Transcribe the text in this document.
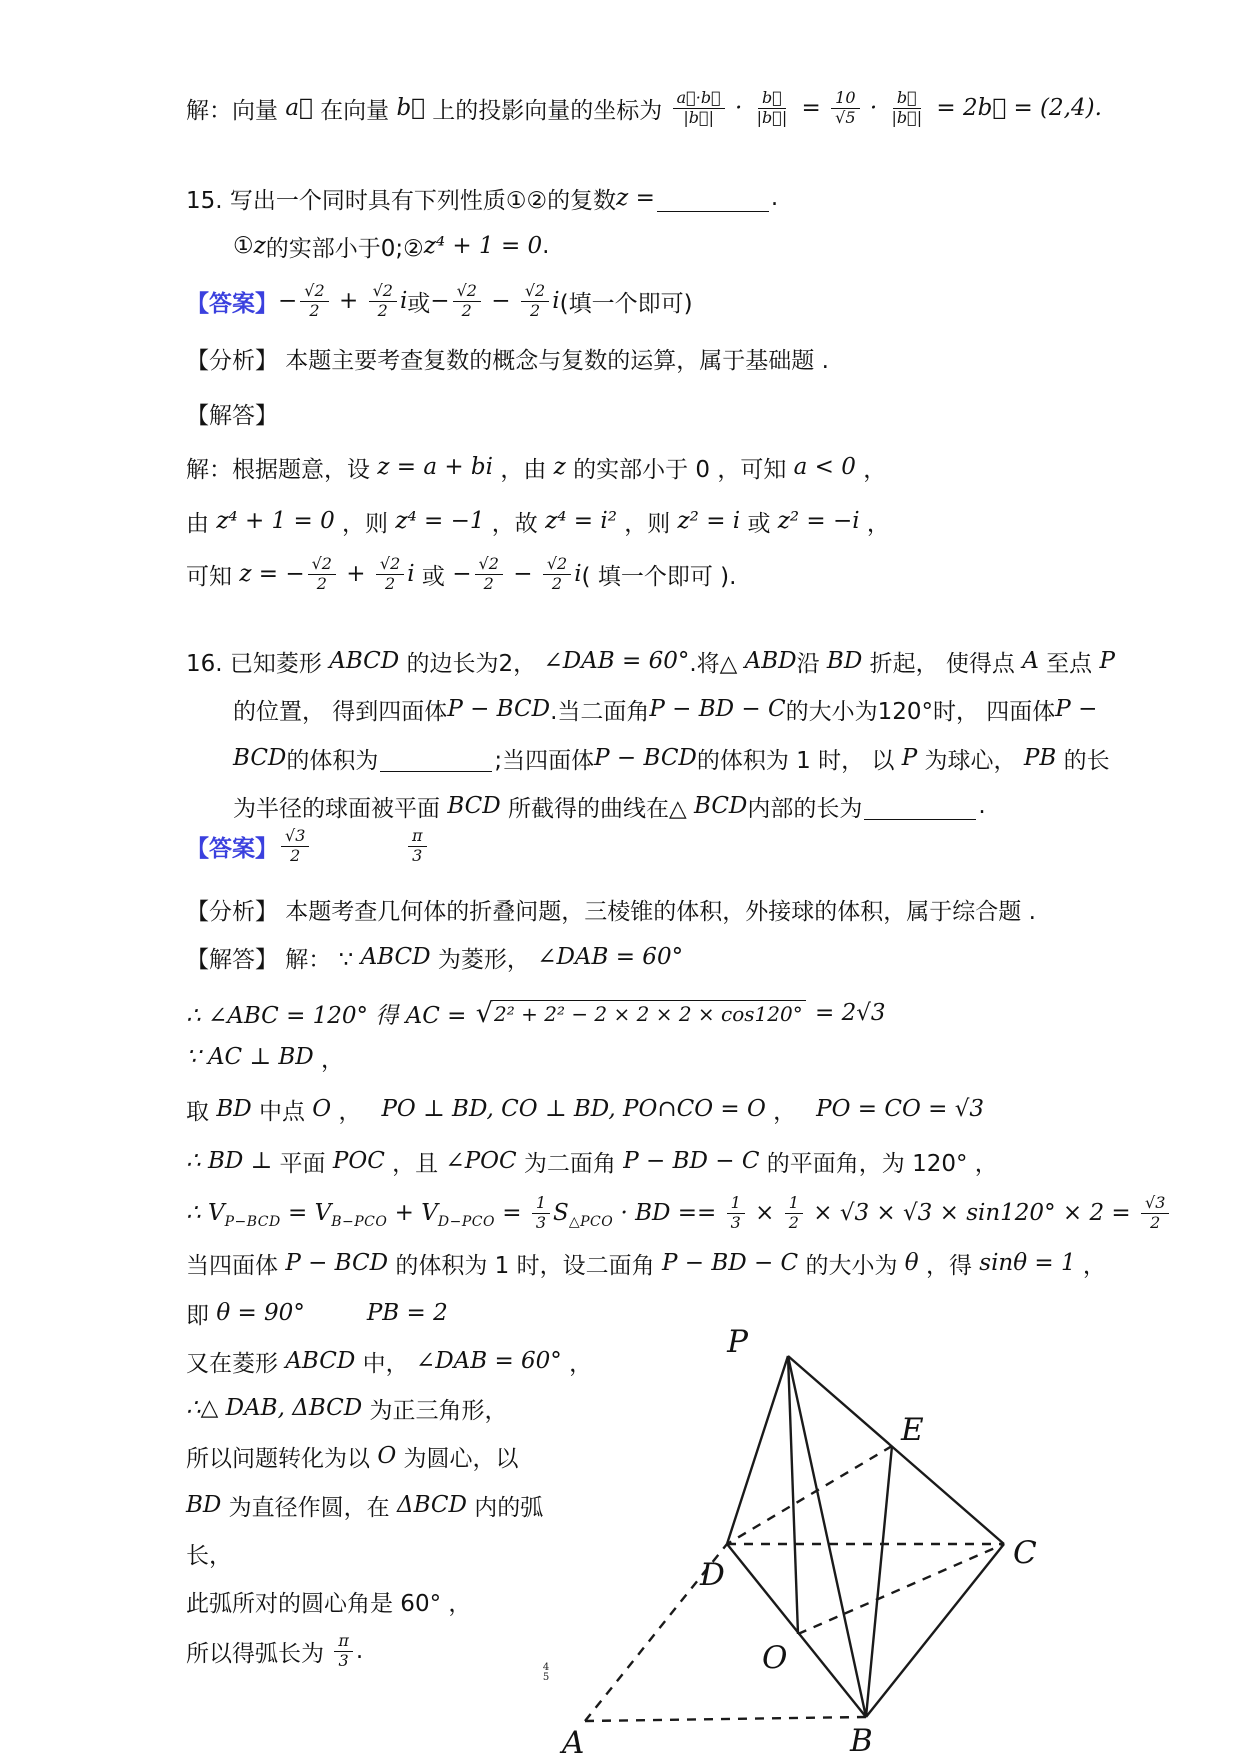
解：向量 a⃗ 在向量 b⃗ 上的投影向量的坐标为 $\frac{a⃗\cdot b⃗}{|b⃗|} \cdot \frac{b⃗}{|b⃗|} = \frac{10}{√5} \cdot \frac{b⃗}{|b⃗|}$ = 2b⃗ = (2,4).
15. 写出一个同时具有下列性质①②的复数 z =	.
① z 的实部小于0;② z⁴ + 1 = 0 .
【答案】 − $\frac{√2}{2} + \frac{√2}{2}$ i 或 − $\frac{√2}{2} - \frac{√2}{2}$ i (填一个即可)
【分析】 本题主要考查复数的概念与复数的运算，属于基础题 .
【解答】
解：根据题意，设 z = a + bi ，由 z 的实部小于 0 ，可知 a < 0 ，
由 z⁴ + 1 = 0 ，则 z⁴ = −1 ，故 z⁴ = i² ，则 z² = i 或 z² = −i ，
可知 z = − $\frac{√2}{2} + \frac{√2}{2}$ i 或 − $\frac{√2}{2} - \frac{√2}{2}$ i ( 填一个即可 ).
16. 已知菱形 ABCD 的边长为2， ∠DAB = 60° .将△ ABD 沿 BD 折起， 使得点 A 至点 P
的位置， 得到四面体 P − BCD .当二面角 P − BD − C 的大小为120°时， 四面体 P −
BCD 的体积为	;当四面体 P − BCD 的体积为 1 时， 以 P 为球心， PB 的长
为半径的球面被平面 BCD 所截得的曲线在△ BCD 内部的长为	.
【答案】 $\frac{√3}{2}$	$\frac{\pi}{3}$
【分析】 本题考查几何体的折叠问题，三棱锥的体积，外接球的体积，属于综合题 .
【解答】 解： ∵ ABCD 为菱形， ∠DAB = 60°
∴ ∠ABC = 120° 得 AC = √ 2² + 2² − 2 × 2 × 2 × cos120° = 2√3
∵ AC ⊥ BD ，
取 BD 中点 O ， PO ⊥ BD, CO ⊥ BD, PO∩CO = O ， PO = CO = √3
∴ BD ⊥ 平面 POC ，且 ∠POC 为二面角 P − BD − C 的平面角，为 120° ，
∴ V P−BCD = V B−PCO + V $D-PCO = \frac{1}{3}$ S △PCO · BD == $\frac{1}{3} \times \frac{1}{2} \times √3 \times √3 \times \sin 120^\circ \times 2 = \frac{√3}{2}$
当四面体 P − BCD 的体积为 1 时，设二面角 P − BD − C 的大小为 θ ，得 sinθ = 1 ，
即 θ = 90°	PB = 2
又在菱形 ABCD 中， ∠DAB = 60° ，
∴△ DAB, ΔBCD 为正三角形，
所以问题转化为以 O 为圆心，以
BD 为直径作圆，在 ΔBCD 内的弧
长，
此弧所对的圆心角是 60° ，
所以得弧长为 $\frac{\pi}{3}$ .
P
E
D
C
O
B
A
4
5
